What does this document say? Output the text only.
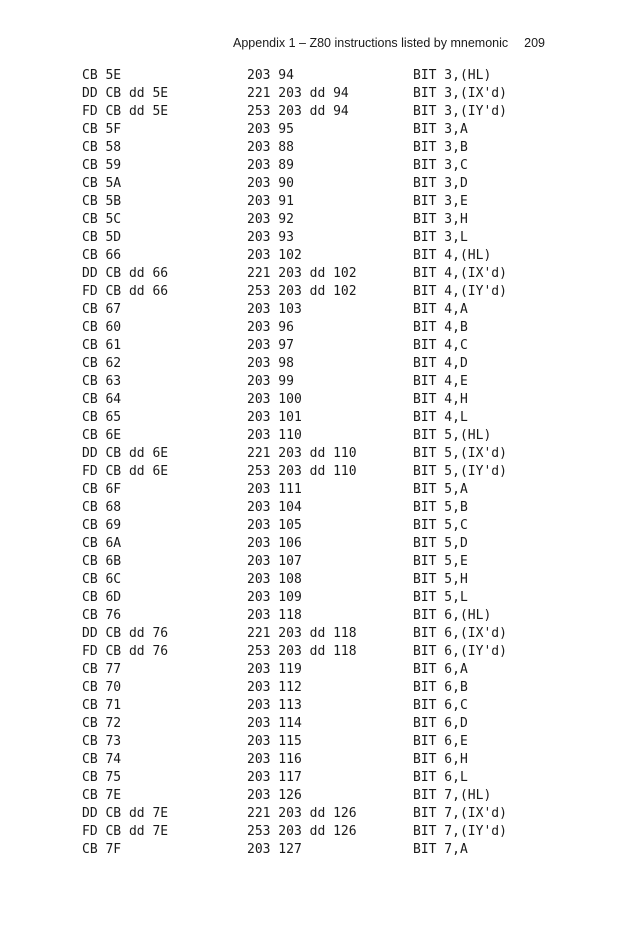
Appendix 1 – Z80 instructions listed by mnemonic 209
CB 5E	203 94	BIT 3,(HL)
DD CB dd 5E	221 203 dd 94	BIT 3,(IX'd)
FD CB dd 5E	253 203 dd 94	BIT 3,(IY'd)
CB 5F	203 95	BIT 3,A
CB 58	203 88	BIT 3,B
CB 59	203 89	BIT 3,C
CB 5A	203 90	BIT 3,D
CB 5B	203 91	BIT 3,E
CB 5C	203 92	BIT 3,H
CB 5D	203 93	BIT 3,L
CB 66	203 102	BIT 4,(HL)
DD CB dd 66	221 203 dd 102	BIT 4,(IX'd)
FD CB dd 66	253 203 dd 102	BIT 4,(IY'd)
CB 67	203 103	BIT 4,A
CB 60	203 96	BIT 4,B
CB 61	203 97	BIT 4,C
CB 62	203 98	BIT 4,D
CB 63	203 99	BIT 4,E
CB 64	203 100	BIT 4,H
CB 65	203 101	BIT 4,L
CB 6E	203 110	BIT 5,(HL)
DD CB dd 6E	221 203 dd 110	BIT 5,(IX'd)
FD CB dd 6E	253 203 dd 110	BIT 5,(IY'd)
CB 6F	203 111	BIT 5,A
CB 68	203 104	BIT 5,B
CB 69	203 105	BIT 5,C
CB 6A	203 106	BIT 5,D
CB 6B	203 107	BIT 5,E
CB 6C	203 108	BIT 5,H
CB 6D	203 109	BIT 5,L
CB 76	203 118	BIT 6,(HL)
DD CB dd 76	221 203 dd 118	BIT 6,(IX'd)
FD CB dd 76	253 203 dd 118	BIT 6,(IY'd)
CB 77	203 119	BIT 6,A
CB 70	203 112	BIT 6,B
CB 71	203 113	BIT 6,C
CB 72	203 114	BIT 6,D
CB 73	203 115	BIT 6,E
CB 74	203 116	BIT 6,H
CB 75	203 117	BIT 6,L
CB 7E	203 126	BIT 7,(HL)
DD CB dd 7E	221 203 dd 126	BIT 7,(IX'd)
FD CB dd 7E	253 203 dd 126	BIT 7,(IY'd)
CB 7F	203 127	BIT 7,A
